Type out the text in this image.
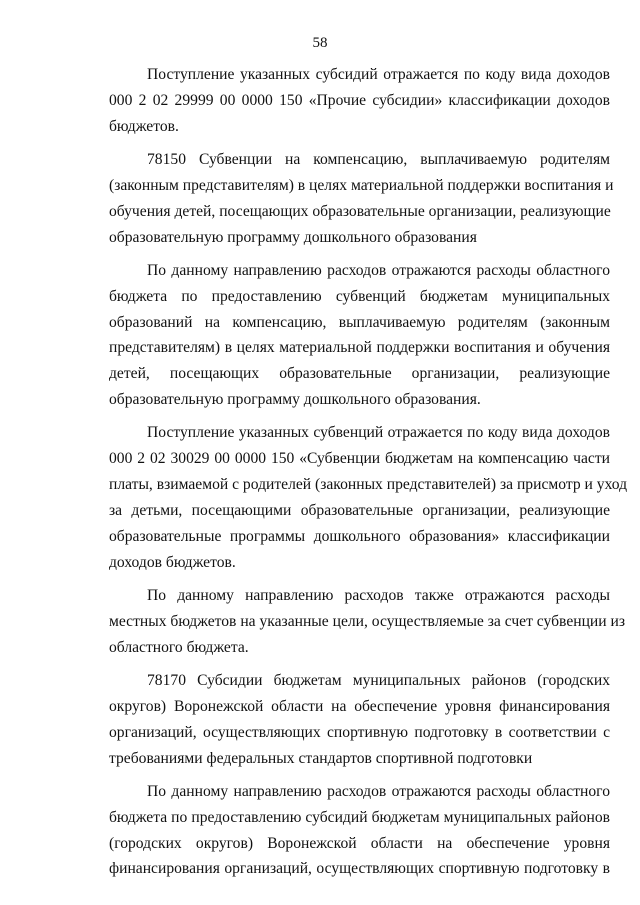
58
Поступление указанных субсидий отражается по коду вида доходов
000 2 02 29999 00 0000 150 «Прочие субсидии» классификации доходов
бюджетов.
78150 Субвенции на компенсацию, выплачиваемую родителям
(законным представителям) в целях материальной поддержки воспитания и
обучения детей, посещающих образовательные организации, реализующие
образовательную программу дошкольного образования
По данному направлению расходов отражаются расходы областного
бюджета по предоставлению субвенций бюджетам муниципальных
образований на компенсацию, выплачиваемую родителям (законным
представителям) в целях материальной поддержки воспитания и обучения
детей, посещающих образовательные организации, реализующие
образовательную программу дошкольного образования.
Поступление указанных субвенций отражается по коду вида доходов
000 2 02 30029 00 0000 150 «Субвенции бюджетам на компенсацию части
платы, взимаемой с родителей (законных представителей) за присмотр и уход
за детьми, посещающими образовательные организации, реализующие
образовательные программы дошкольного образования» классификации
доходов бюджетов.
По данному направлению расходов также отражаются расходы
местных бюджетов на указанные цели, осуществляемые за счет субвенции из
областного бюджета.
78170 Субсидии бюджетам муниципальных районов (городских
округов) Воронежской области на обеспечение уровня финансирования
организаций, осуществляющих спортивную подготовку в соответствии с
требованиями федеральных стандартов спортивной подготовки
По данному направлению расходов отражаются расходы областного
бюджета по предоставлению субсидий бюджетам муниципальных районов
(городских округов) Воронежской области на обеспечение уровня
финансирования организаций, осуществляющих спортивную подготовку в
